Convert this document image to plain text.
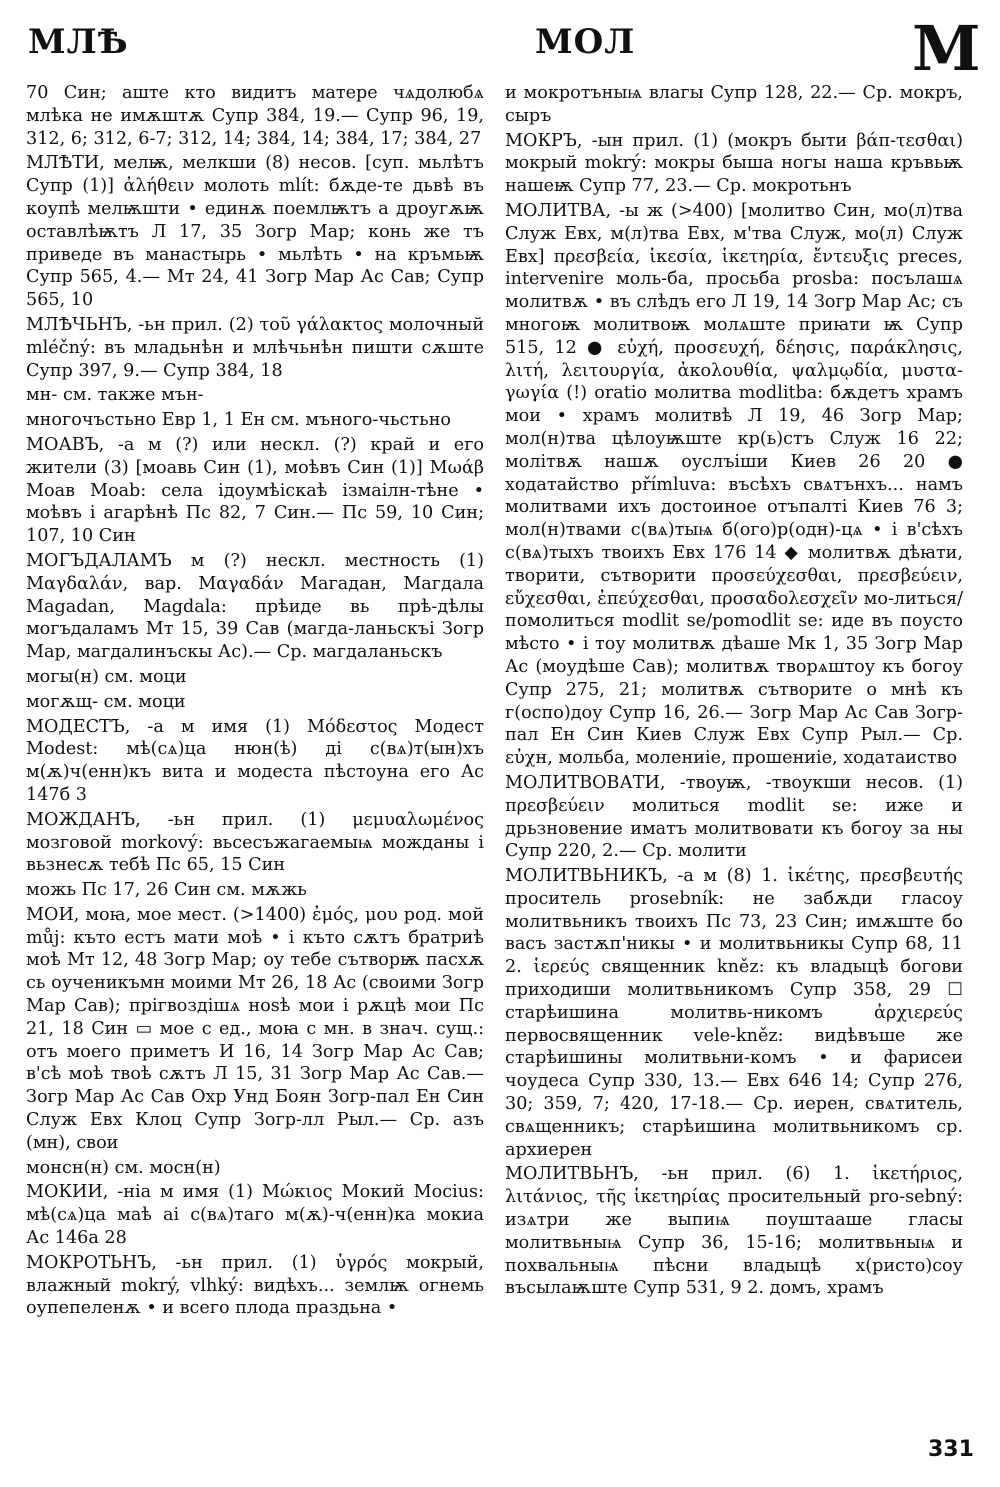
МЛѢ	МОЛ	М

70 Син; аште кто видитъ матере чѧдолюбѧ млѣка не имѫштѫ Супр 384, 19.— Супр 96, 19, 312, 6; 312, 6-7; 312, 14; 384, 14; 384, 17; 384, 27

МЛѢТИ, мелѭ, мелкши (8) несов. [суп. мьлѣтъ Супр (1)] ἀλήθειν молоть mlít: бѫде-те дьвѣ въ коупѣ мелѭшти • единѫ поемлѭтъ а дроугѫѭ оставлѣѭтъ Л 17, 35 Зогр Мар; конь же тъ приведе въ манастырь • мьлѣть • на кръмьѭ Супр 565, 4.— Мт 24, 41 Зогр Мар Ас Сав; Супр 565, 10

МЛѢЧЬНЪ, -ьн прил. (2) τοῦ γάλακτος молочный mléčný: въ младьнѣн и млѣчьнѣн пишти сѫште Супр 397, 9.— Супр 384, 18

мн- см. также мън-

многочъстьно Евр 1, 1 Ен см. мъного-чьстьно

МОАВЪ, -а м (?) или нескл. (?) край и его жители (3) [моавь Син (1), моѣвъ Син (1)] Μωάβ Моав Moab: села ідоумѣіскаѣ ізмаілн-тѣне • моѣвъ і агарѣнѣ Пс 82, 7 Син.— Пс 59, 10 Син; 107, 10 Син

МОГЪДАЛАМЪ м (?) нескл. местность (1) Μαγδαλάν, вар. Μαγαδάν Магадан, Магдала Magadan, Magdala: прѣиде вь прѣ-дѣлы могъдаламъ Мт 15, 39 Сав (магда-ланьскъі Зогр Мар, магдалинъскы Ас).— Ср. магдаланьскъ

могы(н) см. моци

могѫщ- см. моци

МОДЕСТЪ, -а м имя (1) Μόδεστος Модест Modest: мѣ(сѧ)ца нюн(ѣ) ді с(вѧ)т(ын)хъ м(ѫ)ч(енн)къ вита и модеста пѣстоуна его Ас 147б 3

МОЖДАНЪ, -ьн прил. (1) μεμυαλωμένος мозговой morkový: вьсесъжагаемыѩ можданы і вьзнесѫ тебѣ Пс 65, 15 Син

можь Пс 17, 26 Син см. мѫжь

МОИ, моꙗ, мое мест. (>1400) ἐμός, μου род. мой můj: къто естъ мати моѣ • і къто сѫтъ братриѣ моѣ Мт 12, 48 Зогр Мар; оу тебе сътворѭ пасхѫ сь оученикъмн моими Мт 26, 18 Ас (своими Зогр Мар Сав); прігвоздішѧ ноѕѣ мои і рѫцѣ мои Пс 21, 18 Син ▭ мое с ед., моꙗ с мн. в знач. сущ.: отъ моего приметъ И 16, 14 Зогр Мар Ас Сав; в'сѣ моѣ твоѣ сѫтъ Л 15, 31 Зогр Мар Ас Сав.— Зогр Мар Ас Сав Охр Унд Боян Зогр-пал Ен Син Служ Евх Клоц Супр Зогр-лл Рыл.— Ср. азъ (мн), свои

монсн(н) см. мосн(н)

МОКИИ, -ніа м имя (1) Μώκιος Мокий Mocius: мѣ(сѧ)ца маѣ аі с(вѧ)таго м(ѫ)-ч(енн)ка мокиа Ас 146а 28

МОКРОТЬНЪ, -ьн прил. (1) ὑγρός мокрый, влажный mokrý, vlhký: видѣхъ... землѭ огнемь оупепеленѫ • и всего плода праздьна •

и мокротъныѩ влагы Супр 128, 22.— Ср. мокръ, сыръ

МОКРЪ, -ын прил. (1) (мокръ быти βάπ-τεσθαι) мокрый mokrý: мокры быша ногы наша кръвьѭ нашеѭ Супр 77, 23.— Ср. мокротьнъ

МОЛИТВА, -ы ж (>400) [молитво Син, мо(л)тва Служ Евх, м(л)тва Евх, м'тва Служ, мо(л) Служ Евх] πρεσβεία, ἱκεσία, ἱκετηρία, ἔντευξις preces, intervenire моль-ба, просьба prosba: посълашѧ молитвѫ • въ слѣдъ его Л 19, 14 Зогр Мар Ас; съ многоѭ молитвоѭ молѧште приꙗти ѭ Супр 515, 12 ● εὐχή, προσευχή, δέησις, παράκλησις, λιτή, λειτουργία, ἀκολουθία, ψαλμῳδία, μυστα-γωγία (!) oratio молитва modlitba: бѫдетъ храмъ мои • храмъ молитвѣ Л 19, 46 Зогр Мар; мол(н)тва цѣлоуѭште кр(ь)стъ Служ 16 22; молітвѫ нашѫ оуслъіши Киев 26 20 ● ходатайство přímluva: въсѣхъ свѧтънхъ... намъ молитвами ихъ достоиное отъпалті Киев 76 3; мол(н)твами с(вѧ)тыѩ б(ого)р(одн)-цѧ • і в'сѣхъ с(вѧ)тыхъ твоихъ Евх 176 14 ◆ молитвѫ дѣꙗти, творити, сътворити προσεύχεσθαι, πρεσβεύειν, εὔχεσθαι, ἐπεύχεσθαι, προσαδολεσχεῖν мо-литься/помолиться modlit se/pomodlit se: иде въ поусто мѣсто • і тоу молитвѫ дѣаше Мк 1, 35 Зогр Мар Ас (моудѣше Сав); молитвѫ творѧштоу къ богоу Супр 275, 21; молитвѫ сътворите о мнѣ къ г(оспо)доу Супр 16, 26.— Зогр Мар Ас Сав Зогр-пал Ен Син Киев Служ Евх Супр Рыл.— Ср. εὐχн, мольба, молениіе, прошениіе, ходатаиство

МОЛИТВОВАТИ, -твоуѭ, -твоукши несов. (1) πρεσβεύειν молиться modlit se: иже и дрьзновение иматъ молитвовати къ богоу за ны Супр 220, 2.— Ср. молити

МОЛИТВЬНИКЪ, -а м (8) 1. ἱκέτης, πρεσβευτής проситель prosebník: не забѫди гласоу молитвьникъ твоихъ Пс 73, 23 Син; имѫште бо васъ застѫп'никы • и молитвьникы Супр 68, 11 2. ἱερεύς священник kněz: къ владыцѣ богови приходиши молитвьникомъ Супр 358, 29 ☐ старѣишина молитвь-никомъ ἀρχιερεύς первосвященник vele-kněz: видѣвъше же старѣишины молитвьни-комъ • и фарисеи чоудеса Супр 330, 13.— Евх 646 14; Супр 276, 30; 359, 7; 420, 17-18.— Ср. иерен, свѧтитель, свѧщенникъ; старѣишина молитвьникомъ ср. архиерен

МОЛИТВЬНЪ, -ьн прил. (6) 1. ἱκετήριος, λιτάνιος, τῆς ἱκετηρίας просительный pro-sebný: изѧтри же выпиѩ поуштааше гласы молитвьныѩ Супр 36, 15-16; молитвьныѩ и похвальныѩ пѣсни владыцѣ х(ристо)соу въсылаѭште Супр 531, 9 2. домъ, храмъ

331
